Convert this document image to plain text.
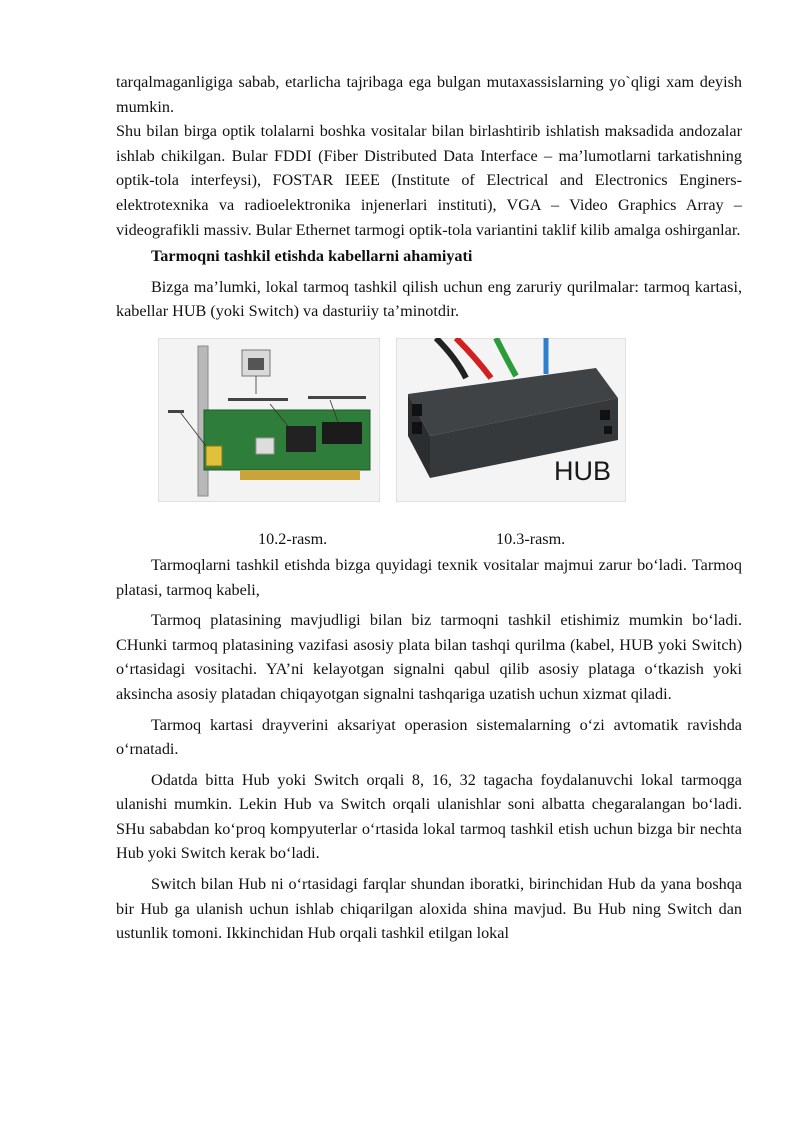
tarqalmaganligiga sabab, etarlicha tajribaga ega bulgan mutaxassislarning yo`qligi xam deyish mumkin.

Shu bilan birga optik tolalarni boshka vositalar bilan birlashtirib ishlatish maksadida andozalar ishlab chikilgan. Bular FDDI (Fiber Distributed Data Interface – ma’lumotlarni tarkatishning optik-tola interfeysi), FOSTAR IEEE (Institute of Electrical and Electronics Enginers-elektrotexnika va radioelektronika injenerlari instituti), VGA – Video Graphics Array – videografikli massiv. Bular Ethernet tarmogi optik-tola variantini taklif kilib amalga oshirganlar.

Tarmoqni tashkil etishda kabellarni ahamiyati

Bizga ma’lumki, lokal tarmoq tashkil qilish uchun eng zaruriy qurilmalar: tarmoq kartasi, kabellar HUB (yoki Switch) va dasturiiy ta’minotdir.

HUB
10.2-rasm.	10.3-rasm.

Tarmoqlarni tashkil etishda bizga quyidagi texnik vositalar majmui zarur bo‘ladi. Tarmoq platasi, tarmoq kabeli,

Tarmoq platasining mavjudligi bilan biz tarmoqni tashkil etishimiz mumkin bo‘ladi. CHunki tarmoq platasining vazifasi asosiy plata bilan tashqi qurilma (kabel, HUB yoki Switch) o‘rtasidagi vositachi. YA’ni kelayotgan signalni qabul qilib asosiy plataga o‘tkazish yoki aksincha asosiy platadan chiqayotgan signalni tashqariga uzatish uchun xizmat qiladi.

Tarmoq kartasi drayverini aksariyat operasion sistemalarning o‘zi avtomatik ravishda o‘rnatadi.

Odatda bitta Hub yoki Switch orqali 8, 16, 32 tagacha foydalanuvchi lokal tarmoqga ulanishi mumkin. Lekin Hub va Switch orqali ulanishlar soni albatta chegaralangan bo‘ladi. SHu sababdan ko‘proq kompyuterlar o‘rtasida lokal tarmoq tashkil etish uchun bizga bir nechta Hub yoki Switch kerak bo‘ladi.

Switch bilan Hub ni o‘rtasidagi farqlar shundan iboratki, birinchidan Hub da yana boshqa bir Hub ga ulanish uchun ishlab chiqarilgan aloxida shina mavjud. Bu Hub ning Switch dan ustunlik tomoni. Ikkinchidan Hub orqali tashkil etilgan lokal
